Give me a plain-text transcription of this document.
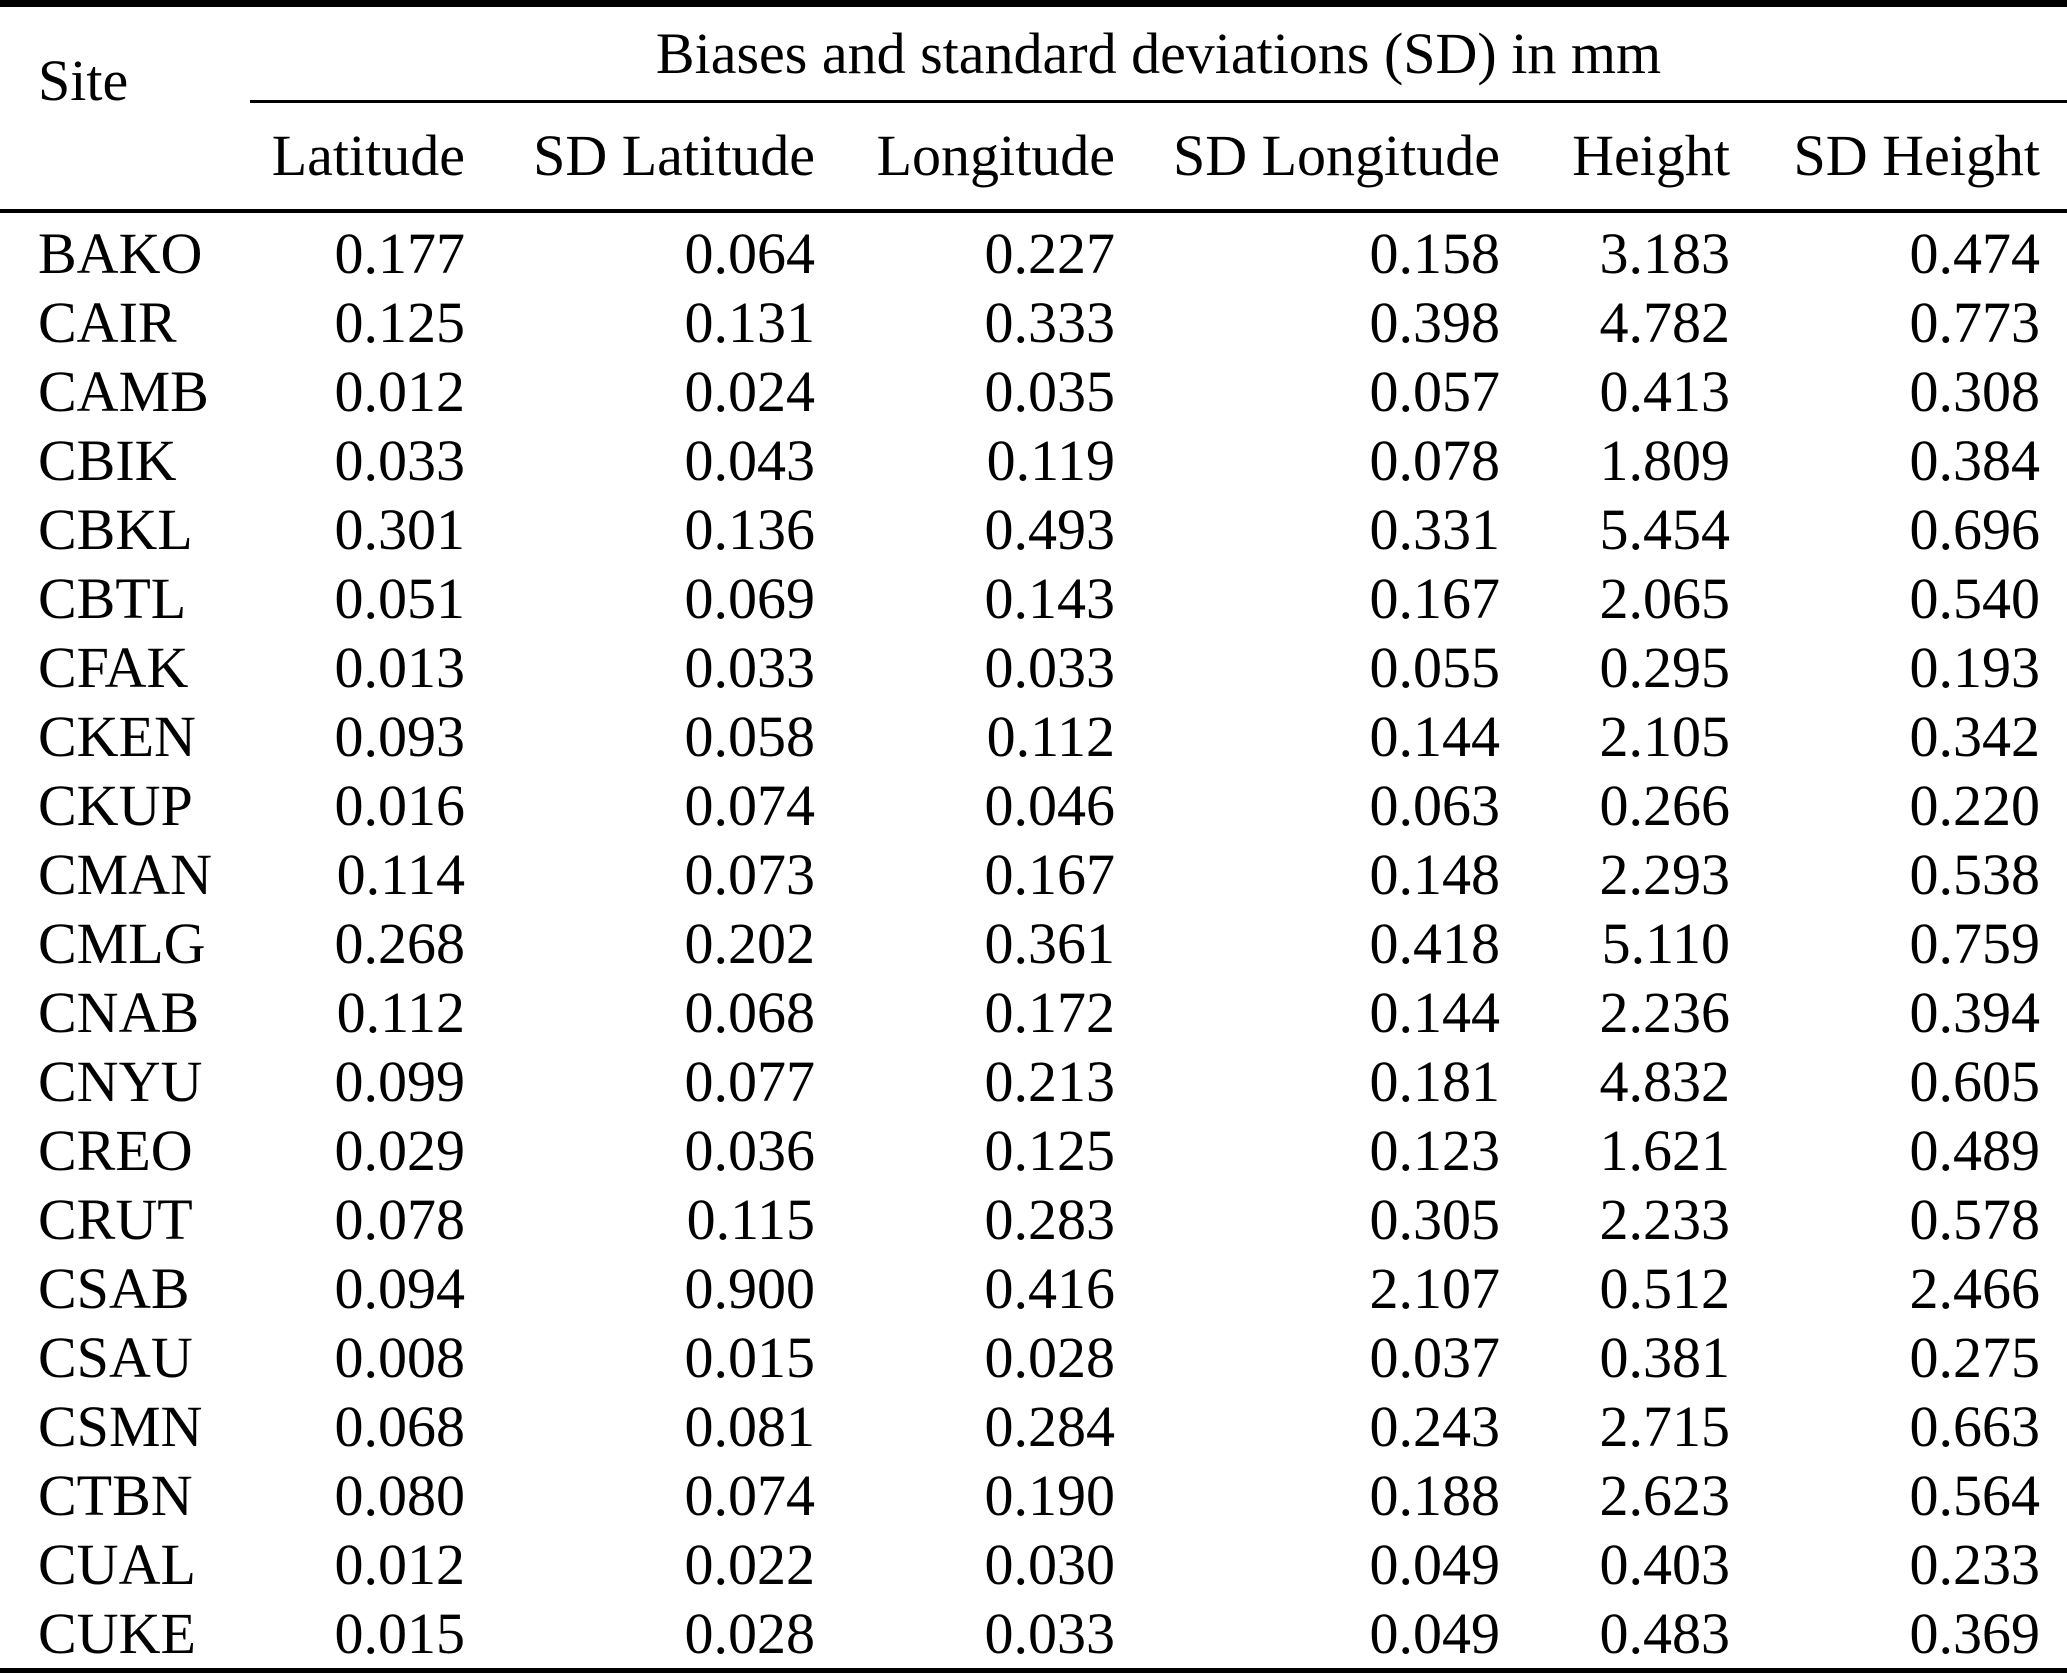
Site	Biases and standard deviations (SD) in mm					
	Latitude	SD Latitude	Longitude	SD Longitude	Height	SD Height
BAKO	0.177	0.064	0.227	0.158	3.183	0.474
CAIR	0.125	0.131	0.333	0.398	4.782	0.773
CAMB	0.012	0.024	0.035	0.057	0.413	0.308
CBIK	0.033	0.043	0.119	0.078	1.809	0.384
CBKL	0.301	0.136	0.493	0.331	5.454	0.696
CBTL	0.051	0.069	0.143	0.167	2.065	0.540
CFAK	0.013	0.033	0.033	0.055	0.295	0.193
CKEN	0.093	0.058	0.112	0.144	2.105	0.342
CKUP	0.016	0.074	0.046	0.063	0.266	0.220
CMAN	0.114	0.073	0.167	0.148	2.293	0.538
CMLG	0.268	0.202	0.361	0.418	5.110	0.759
CNAB	0.112	0.068	0.172	0.144	2.236	0.394
CNYU	0.099	0.077	0.213	0.181	4.832	0.605
CREO	0.029	0.036	0.125	0.123	1.621	0.489
CRUT	0.078	0.115	0.283	0.305	2.233	0.578
CSAB	0.094	0.900	0.416	2.107	0.512	2.466
CSAU	0.008	0.015	0.028	0.037	0.381	0.275
CSMN	0.068	0.081	0.284	0.243	2.715	0.663
CTBN	0.080	0.074	0.190	0.188	2.623	0.564
CUAL	0.012	0.022	0.030	0.049	0.403	0.233
CUKE	0.015	0.028	0.033	0.049	0.483	0.369
